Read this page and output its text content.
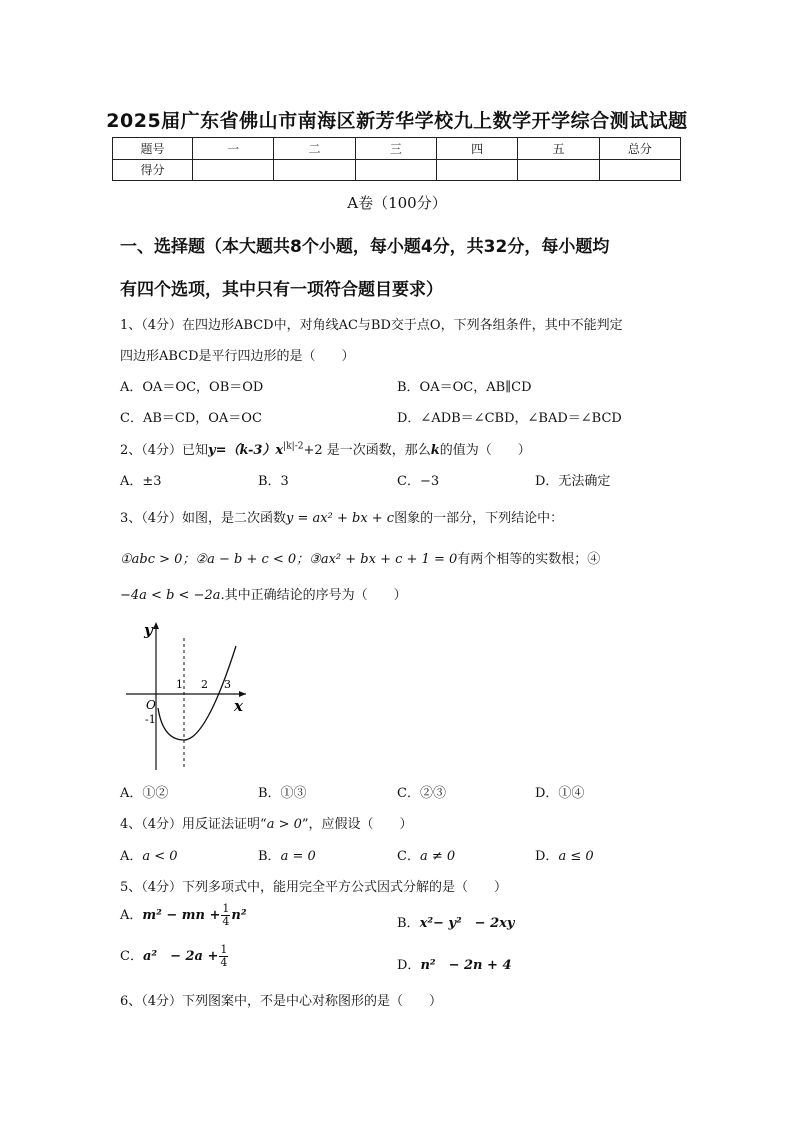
2025届广东省佛山市南海区新芳华学校九上数学开学综合测试试题
题号	一	二	三	四	五	总分
得分						
A卷（100分）
一、选择题（本大题共8个小题，每小题4分，共32分，每小题均
有四个选项，其中只有一项符合题目要求）
1、（4分）在四边形ABCD中，对角线AC与BD交于点O，下列各组条件，其中不能判定
四边形ABCD是平行四边形的是（　　）
A．OA＝OC，OB＝OD	B．OA＝OC，AB∥CD
C．AB＝CD，OA＝OC	D．∠ADB＝∠CBD，∠BAD＝∠BCD
2、（4分）已知$y=(k-3)x^{|k|-2}+2$ 是一次函数，那么k的值为（　　）
A．±3	B．3	C．−3	D．无法确定
3、（4分）如图，是二次函数y = ax² + bx + c图象的一部分，下列结论中：
①abc > 0；②a − b + c < 0；③ax² + bx + c + 1 = 0有两个相等的实数根；④
−4a < b < −2a.其中正确结论的序号为（　　）
y
x
O
1 2 3
-1
A．①②	B．①③	C．②③	D．①④
4、（4分）用反证法证明“a > 0”，应假设（　　）
A．a < 0	B．a = 0	C．a ≠ 0	D．a ≤ 0
5、（4分）下列多项式中，能用完全平方公式因式分解的是（　　）
A．m² − mn + $\frac{1}{4} n^2$
B．x²− y²　− 2xy
C．a²　− $2a + \frac{1}{4}$	D．n²　− 2n + 4
6、（4分）下列图案中，不是中心对称图形的是（　　）
